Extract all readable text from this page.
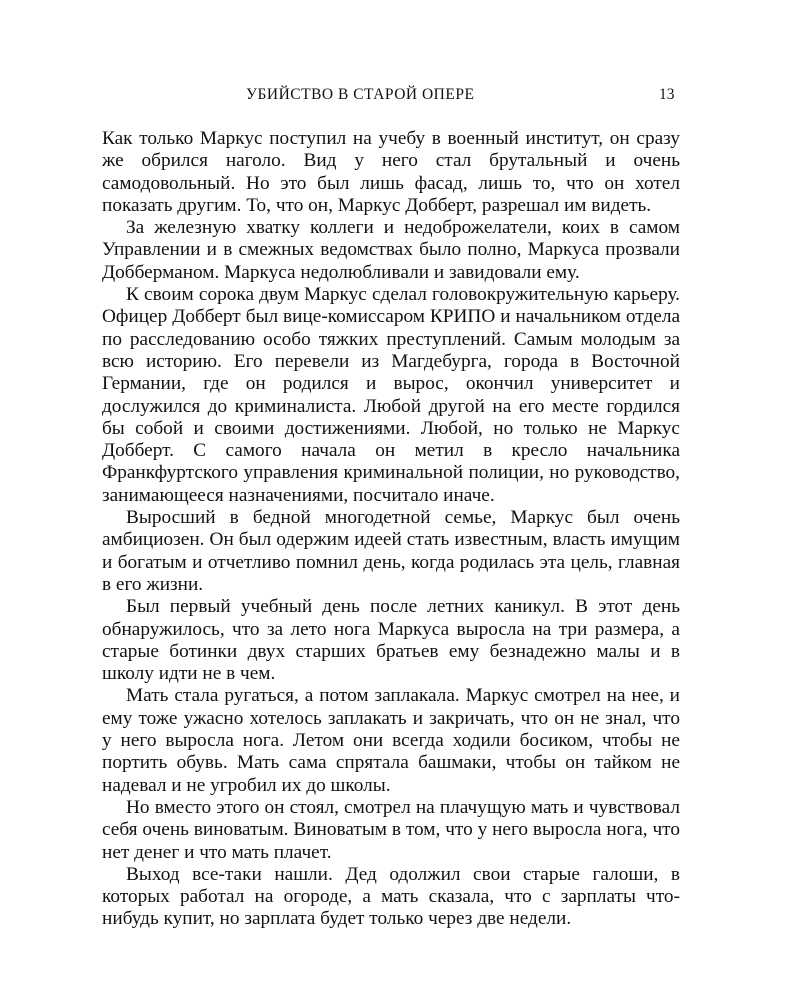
УБИЙСТВО В СТАРОЙ ОПЕРЕ	13

Как только Маркус поступил на учебу в военный институт, он сразу же обрился наголо. Вид у него стал брутальный и очень самодовольный. Но это был лишь фасад, лишь то, что он хотел показать другим. То, что он, Маркус Добберт, разрешал им видеть.

За железную хватку коллеги и недоброжелатели, коих в самом Управлении и в смежных ведомствах было полно, Маркуса прозвали Добберманом. Маркуса недолюбливали и завидовали ему.

К своим сорока двум Маркус сделал головокружительную карьеру. Офицер Добберт был вице-комиссаром КРИПО и начальником отдела по расследованию особо тяжких преступлений. Самым молодым за всю историю. Его перевели из Магдебурга, города в Восточной Германии, где он родился и вырос, окончил университет и дослужился до криминалиста. Любой другой на его месте гордился бы собой и своими достижениями. Любой, но только не Маркус Добберт. С самого начала он метил в кресло начальника Франкфуртского управления криминальной полиции, но руководство, занимающееся назначениями, посчитало иначе.

Выросший в бедной многодетной семье, Маркус был очень амбициозен. Он был одержим идеей стать известным, власть имущим и богатым и отчетливо помнил день, когда родилась эта цель, главная в его жизни.

Был первый учебный день после летних каникул. В этот день обнаружилось, что за лето нога Маркуса выросла на три размера, а старые ботинки двух старших братьев ему безнадежно малы и в школу идти не в чем.

Мать стала ругаться, а потом заплакала. Маркус смотрел на нее, и ему тоже ужасно хотелось заплакать и закричать, что он не знал, что у него выросла нога. Летом они всегда ходили босиком, чтобы не портить обувь. Мать сама спрятала башмаки, чтобы он тайком не надевал и не угробил их до школы.

Но вместо этого он стоял, смотрел на плачущую мать и чувствовал себя очень виноватым. Виноватым в том, что у него выросла нога, что нет денег и что мать плачет.

Выход все-таки нашли. Дед одолжил свои старые галоши, в которых работал на огороде, а мать сказала, что с зарплаты что-нибудь купит, но зарплата будет только через две недели.
